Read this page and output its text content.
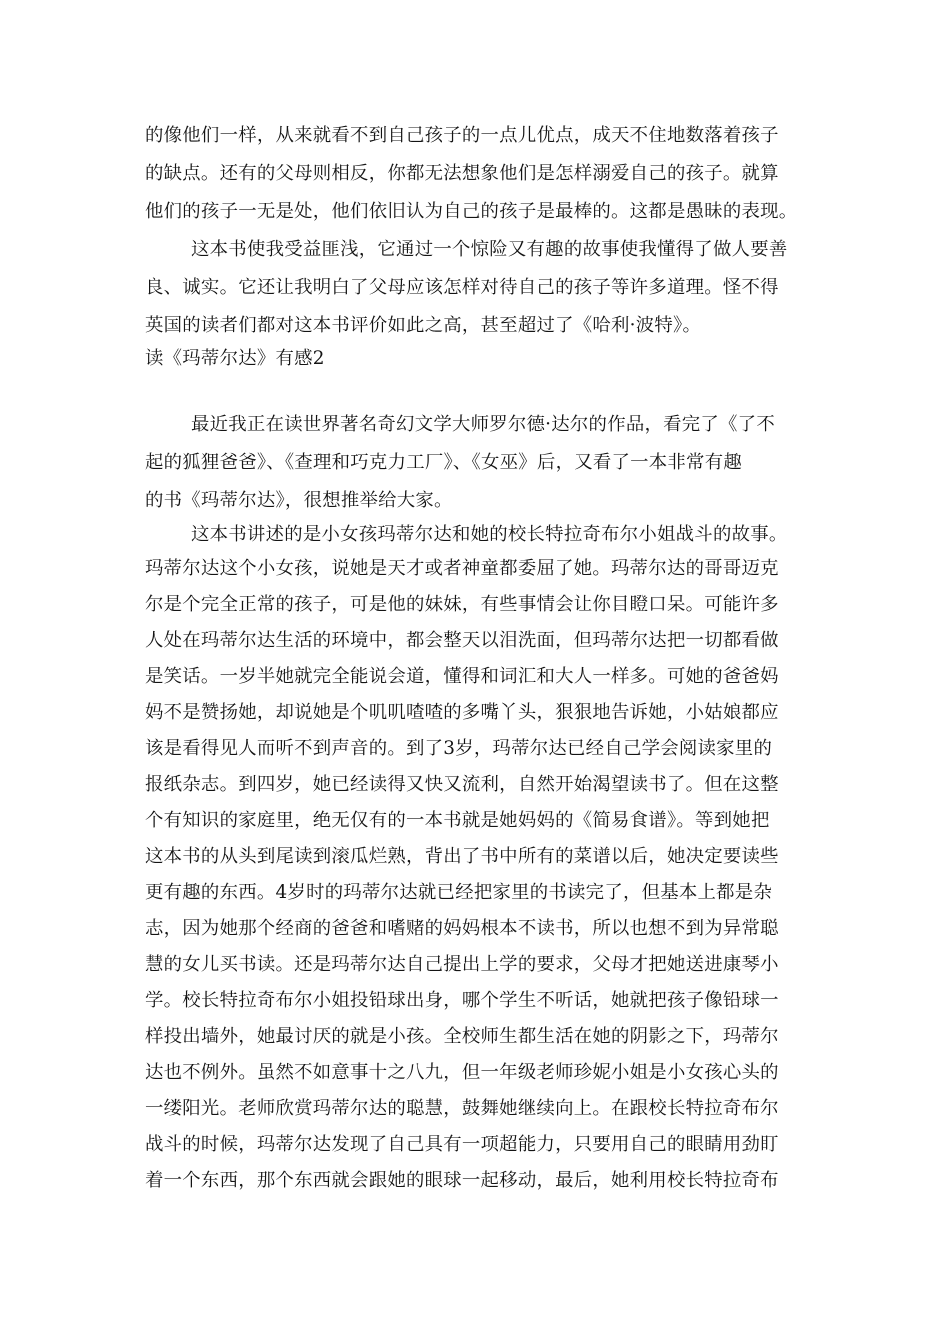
的像他们一样，从来就看不到自己孩子的一点儿优点，成天不住地数落着孩子
的缺点。还有的父母则相反，你都无法想象他们是怎样溺爱自己的孩子。就算
他们的孩子一无是处，他们依旧认为自己的孩子是最棒的。这都是愚昧的表现。
这本书使我受益匪浅，它通过一个惊险又有趣的故事使我懂得了做人要善
良、诚实。它还让我明白了父母应该怎样对待自己的孩子等许多道理。怪不得
英国的读者们都对这本书评价如此之高，甚至超过了《哈利·波特》。
读《玛蒂尔达》有感2
最近我正在读世界著名奇幻文学大师罗尔德·达尔的作品，看完了《了不
起的狐狸爸爸》、《查理和巧克力工厂》、《女巫》后，又看了一本非常有趣
的书《玛蒂尔达》，很想推举给大家。
这本书讲述的是小女孩玛蒂尔达和她的校长特拉奇布尔小姐战斗的故事。
玛蒂尔达这个小女孩，说她是天才或者神童都委屈了她。玛蒂尔达的哥哥迈克
尔是个完全正常的孩子，可是他的妹妹，有些事情会让你目瞪口呆。可能许多
人处在玛蒂尔达生活的环境中，都会整天以泪洗面，但玛蒂尔达把一切都看做
是笑话。一岁半她就完全能说会道，懂得和词汇和大人一样多。可她的爸爸妈
妈不是赞扬她，却说她是个叽叽喳喳的多嘴丫头，狠狠地告诉她，小姑娘都应
该是看得见人而听不到声音的。到了3岁，玛蒂尔达已经自己学会阅读家里的
报纸杂志。到四岁，她已经读得又快又流利，自然开始渴望读书了。但在这整
个有知识的家庭里，绝无仅有的一本书就是她妈妈的《简易食谱》。等到她把
这本书的从头到尾读到滚瓜烂熟，背出了书中所有的菜谱以后，她决定要读些
更有趣的东西。4岁时的玛蒂尔达就已经把家里的书读完了，但基本上都是杂
志，因为她那个经商的爸爸和嗜赌的妈妈根本不读书，所以也想不到为异常聪
慧的女儿买书读。还是玛蒂尔达自己提出上学的要求，父母才把她送进康琴小
学。校长特拉奇布尔小姐投铅球出身，哪个学生不听话，她就把孩子像铅球一
样投出墙外，她最讨厌的就是小孩。全校师生都生活在她的阴影之下，玛蒂尔
达也不例外。虽然不如意事十之八九，但一年级老师珍妮小姐是小女孩心头的
一缕阳光。老师欣赏玛蒂尔达的聪慧，鼓舞她继续向上。在跟校长特拉奇布尔
战斗的时候，玛蒂尔达发现了自己具有一项超能力，只要用自己的眼睛用劲盯
着一个东西，那个东西就会跟她的眼球一起移动，最后，她利用校长特拉奇布
